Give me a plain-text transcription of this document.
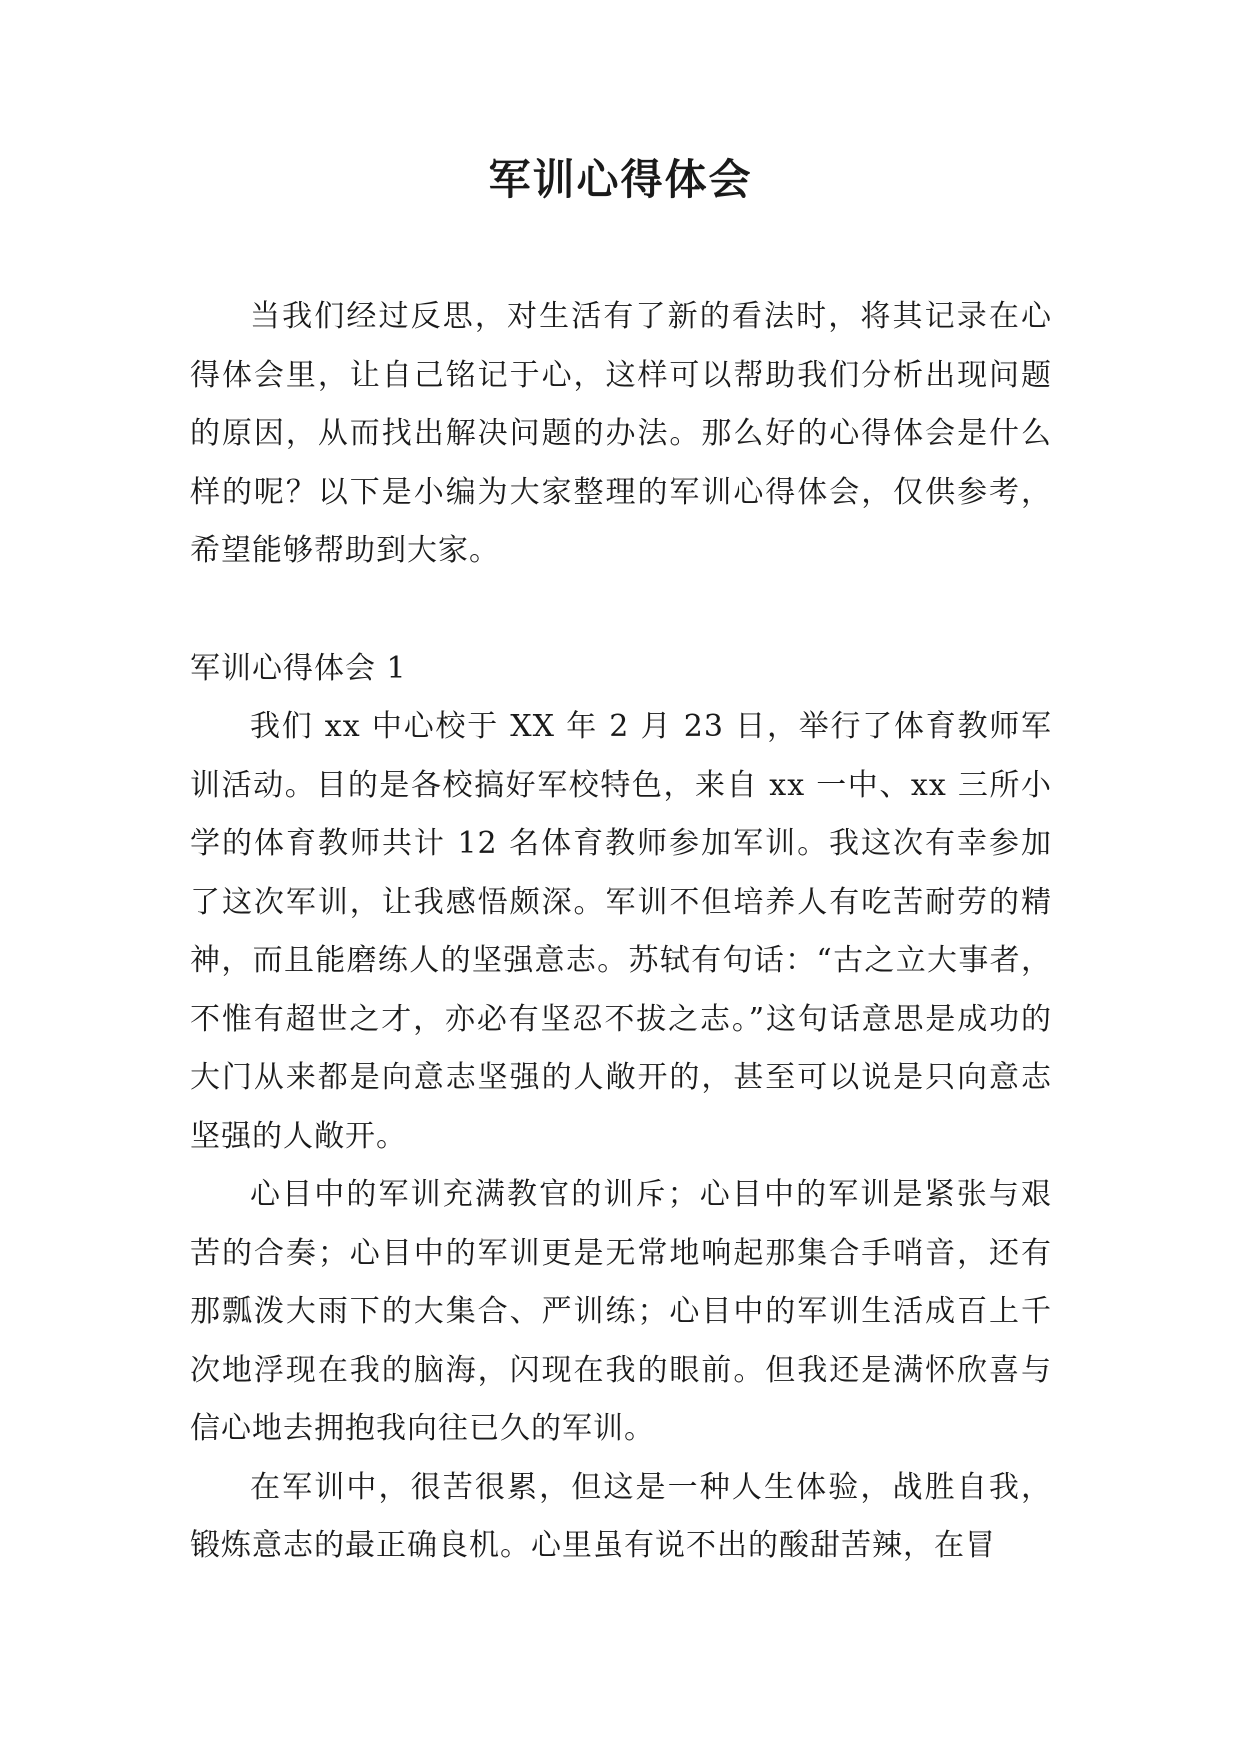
军训心得体会

当我们经过反思，对生活有了新的看法时，将其记录在心得体会里，让自己铭记于心，这样可以帮助我们分析出现问题的原因，从而找出解决问题的办法。那么好的心得体会是什么样的呢？以下是小编为大家整理的军训心得体会，仅供参考，希望能够帮助到大家。

军训心得体会 1

我们 xx 中心校于 XX 年 2 月 23 日，举行了体育教师军训活动。目的是各校搞好军校特色，来自 xx 一中、xx 三所小学的体育教师共计 12 名体育教师参加军训。我这次有幸参加了这次军训，让我感悟颇深。军训不但培养人有吃苦耐劳的精神，而且能磨练人的坚强意志。苏轼有句话：“古之立大事者，不惟有超世之才，亦必有坚忍不拔之志。”这句话意思是成功的大门从来都是向意志坚强的人敞开的，甚至可以说是只向意志坚强的人敞开。

心目中的军训充满教官的训斥；心目中的军训是紧张与艰苦的合奏；心目中的军训更是无常地响起那集合手哨音，还有那瓢泼大雨下的大集合、严训练；心目中的军训生活成百上千次地浮现在我的脑海，闪现在我的眼前。但我还是满怀欣喜与信心地去拥抱我向往已久的军训。

在军训中，很苦很累，但这是一种人生体验，战胜自我，锻炼意志的最正确良机。心里虽有说不出的酸甜苦辣，在冒
